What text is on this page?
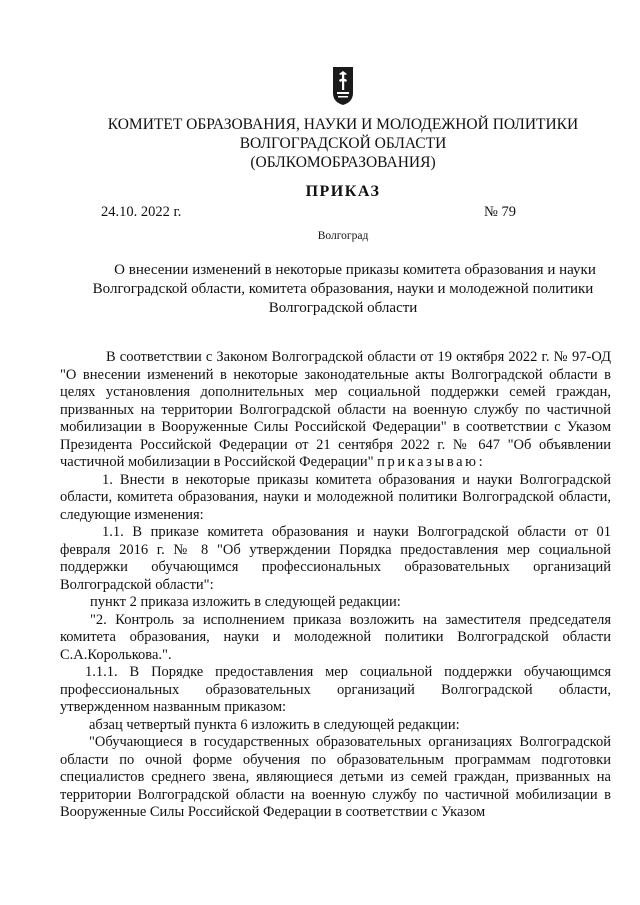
КОМИТЕТ ОБРАЗОВАНИЯ, НАУКИ И МОЛОДЕЖНОЙ ПОЛИТИКИ
ВОЛГОГРАДСКОЙ ОБЛАСТИ
(ОБЛКОМОБРАЗОВАНИЯ)
ПРИКАЗ
24.10. 2022 г.	№ 79
Волгоград
О внесении изменений в некоторые приказы комитета образования и науки
Волгоградской области, комитета образования, науки и молодежной политики
Волгоградской области

В соответствии с Законом Волгоградской области от 19 октября 2022 г. № 97-ОД "О внесении изменений в некоторые законодательные акты Волгоградской области в целях установления дополнительных мер социальной поддержки семей граждан, призванных на территории Волгоградской области на военную службу по частичной мобилизации в Вооруженные Силы Российской Федерации" в соответствии с Указом Президента Российской Федерации от 21 сентября 2022 г. № 647 "Об объявлении частичной мобилизации в Российской Федерации" приказываю:

1. Внести в некоторые приказы комитета образования и науки Волгоградской области, комитета образования, науки и молодежной политики Волгоградской области, следующие изменения:

1.1. В приказе комитета образования и науки Волгоградской области от 01 февраля 2016 г. № 8 "Об утверждении Порядка предоставления мер социальной поддержки обучающимся профессиональных образовательных организаций Волгоградской области":

пункт 2 приказа изложить в следующей редакции:

"2. Контроль за исполнением приказа возложить на заместителя председателя комитета образования, науки и молодежной политики Волгоградской области С.А.Королькова.".

1.1.1. В Порядке предоставления мер социальной поддержки обучающимся профессиональных образовательных организаций Волгоградской области, утвержденном названным приказом:

абзац четвертый пункта 6 изложить в следующей редакции:

"Обучающиеся в государственных образовательных организациях Волгоградской области по очной форме обучения по образовательным программам подготовки специалистов среднего звена, являющиеся детьми из семей граждан, призванных на территории Волгоградской области на военную службу по частичной мобилизации в Вооруженные Силы Российской Федерации в соответствии с Указом
